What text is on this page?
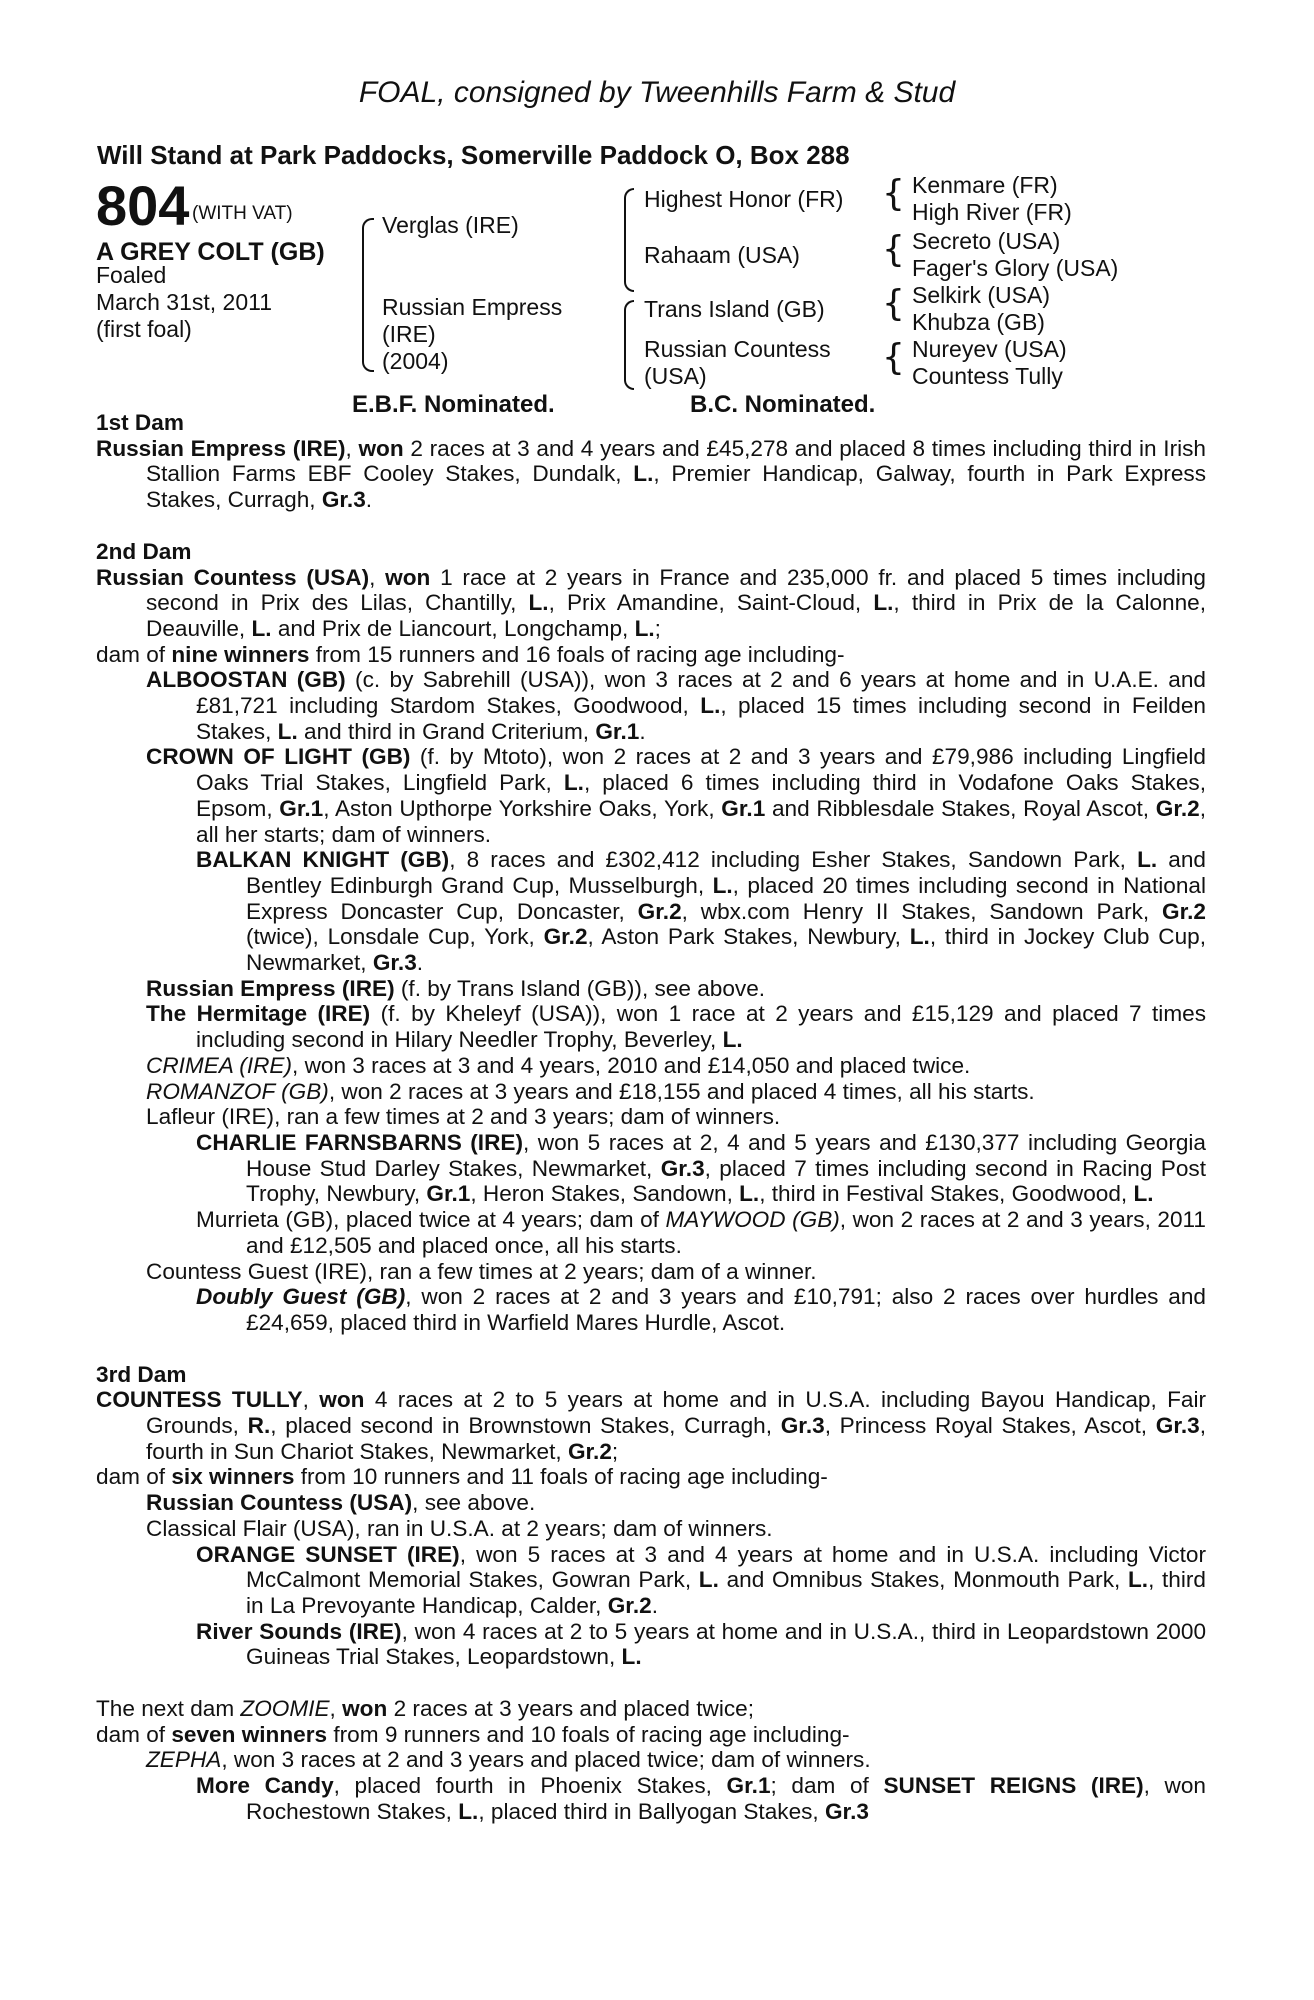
FOAL, consigned by Tweenhills Farm & Stud
Will Stand at Park Paddocks, Somerville Paddock O, Box 288
804 (WITH VAT)
A GREY COLT (GB)
Foaled
March 31st, 2011
(first foal)
{
{
{
{
Verglas (IRE)
Russian Empress
(IRE)
(2004)
Highest Honor (FR)
Rahaam (USA)
Trans Island (GB)
Russian Countess
(USA)
Kenmare (FR)
High River (FR)
Secreto (USA)
Fager's Glory (USA)
Selkirk (USA)
Khubza (GB)
Nureyev (USA)
Countess Tully
E.B.F. Nominated.	B.C. Nominated.
1st Dam

Russian Empress (IRE), won 2 races at 3 and 4 years and £45,278 and placed 8 times including third in Irish Stallion Farms EBF Cooley Stakes, Dundalk, L., Premier Handicap, Galway, fourth in Park Express Stakes, Curragh, Gr.3.

2nd Dam

Russian Countess (USA), won 1 race at 2 years in France and 235,000 fr. and placed 5 times including second in Prix des Lilas, Chantilly, L., Prix Amandine, Saint-Cloud, L., third in Prix de la Calonne, Deauville, L. and Prix de Liancourt, Longchamp, L.;

dam of nine winners from 15 runners and 16 foals of racing age including-

ALBOOSTAN (GB) (c. by Sabrehill (USA)), won 3 races at 2 and 6 years at home and in U.A.E. and £81,721 including Stardom Stakes, Goodwood, L., placed 15 times including second in Feilden Stakes, L. and third in Grand Criterium, Gr.1.

CROWN OF LIGHT (GB) (f. by Mtoto), won 2 races at 2 and 3 years and £79,986 including Lingfield Oaks Trial Stakes, Lingfield Park, L., placed 6 times including third in Vodafone Oaks Stakes, Epsom, Gr.1, Aston Upthorpe Yorkshire Oaks, York, Gr.1 and Ribblesdale Stakes, Royal Ascot, Gr.2, all her starts; dam of winners.

BALKAN KNIGHT (GB), 8 races and £302,412 including Esher Stakes, Sandown Park, L. and Bentley Edinburgh Grand Cup, Musselburgh, L., placed 20 times including second in National Express Doncaster Cup, Doncaster, Gr.2, wbx.com Henry II Stakes, Sandown Park, Gr.2 (twice), Lonsdale Cup, York, Gr.2, Aston Park Stakes, Newbury, L., third in Jockey Club Cup, Newmarket, Gr.3.

Russian Empress (IRE) (f. by Trans Island (GB)), see above.

The Hermitage (IRE) (f. by Kheleyf (USA)), won 1 race at 2 years and £15,129 and placed 7 times including second in Hilary Needler Trophy, Beverley, L.

CRIMEA (IRE), won 3 races at 3 and 4 years, 2010 and £14,050 and placed twice.

ROMANZOF (GB), won 2 races at 3 years and £18,155 and placed 4 times, all his starts.

Lafleur (IRE), ran a few times at 2 and 3 years; dam of winners.

CHARLIE FARNSBARNS (IRE), won 5 races at 2, 4 and 5 years and £130,377 including Georgia House Stud Darley Stakes, Newmarket, Gr.3, placed 7 times including second in Racing Post Trophy, Newbury, Gr.1, Heron Stakes, Sandown, L., third in Festival Stakes, Goodwood, L.

Murrieta (GB), placed twice at 4 years; dam of MAYWOOD (GB), won 2 races at 2 and 3 years, 2011 and £12,505 and placed once, all his starts.

Countess Guest (IRE), ran a few times at 2 years; dam of a winner.

Doubly Guest (GB), won 2 races at 2 and 3 years and £10,791; also 2 races over hurdles and £24,659, placed third in Warfield Mares Hurdle, Ascot.

3rd Dam

COUNTESS TULLY, won 4 races at 2 to 5 years at home and in U.S.A. including Bayou Handicap, Fair Grounds, R., placed second in Brownstown Stakes, Curragh, Gr.3, Princess Royal Stakes, Ascot, Gr.3, fourth in Sun Chariot Stakes, Newmarket, Gr.2;

dam of six winners from 10 runners and 11 foals of racing age including-

Russian Countess (USA), see above.

Classical Flair (USA), ran in U.S.A. at 2 years; dam of winners.

ORANGE SUNSET (IRE), won 5 races at 3 and 4 years at home and in U.S.A. including Victor McCalmont Memorial Stakes, Gowran Park, L. and Omnibus Stakes, Monmouth Park, L., third in La Prevoyante Handicap, Calder, Gr.2.

River Sounds (IRE), won 4 races at 2 to 5 years at home and in U.S.A., third in Leopardstown 2000 Guineas Trial Stakes, Leopardstown, L.

The next dam ZOOMIE, won 2 races at 3 years and placed twice;

dam of seven winners from 9 runners and 10 foals of racing age including-

ZEPHA, won 3 races at 2 and 3 years and placed twice; dam of winners.

More Candy, placed fourth in Phoenix Stakes, Gr.1; dam of SUNSET REIGNS (IRE), won Rochestown Stakes, L., placed third in Ballyogan Stakes, Gr.3
